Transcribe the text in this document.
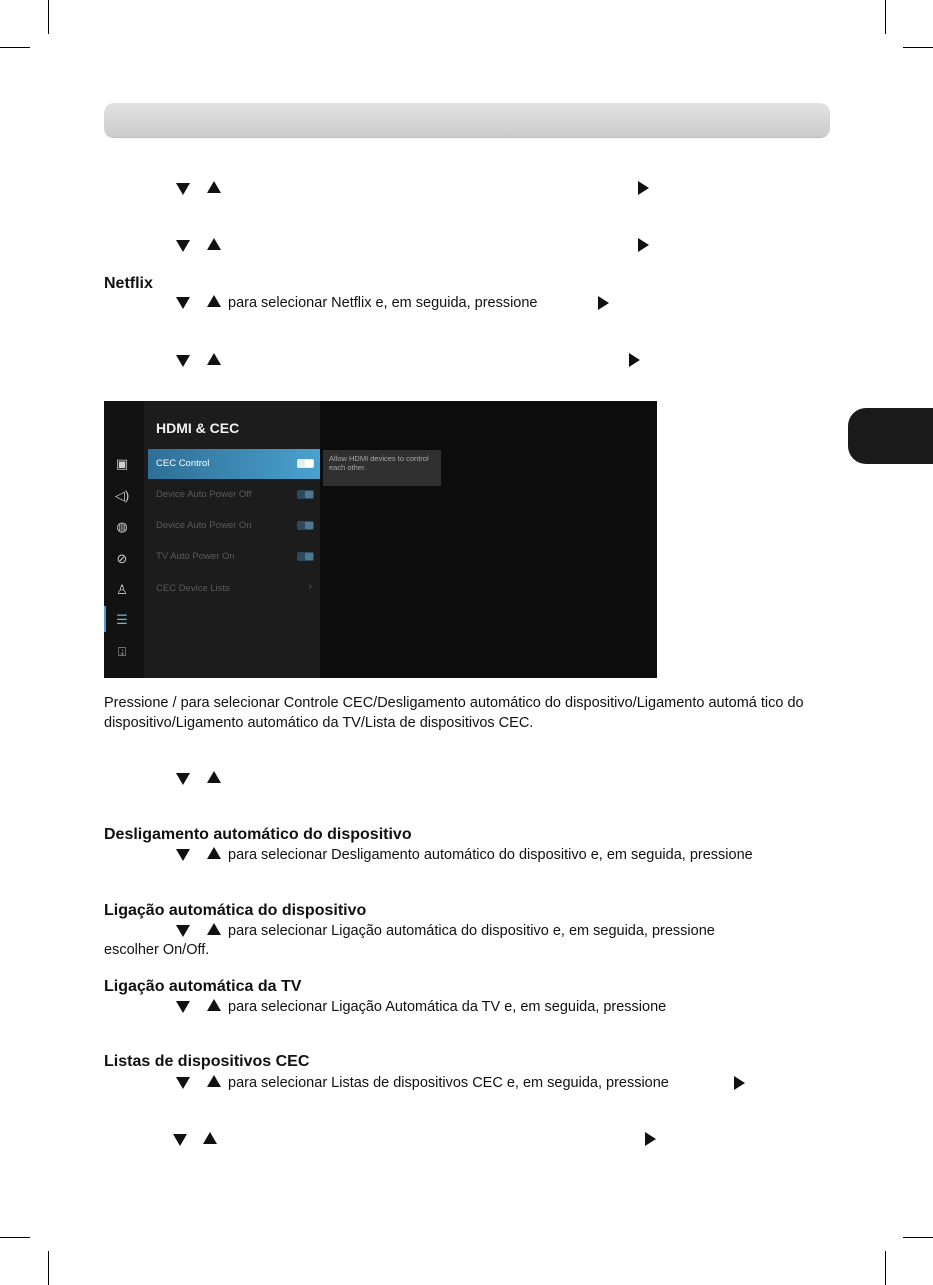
Netflix
para selecionar Netflix e, em seguida, pressione
▣
◁)
◍
⊘
♙
☰
⍗
HDMI & CEC
CEC Control
Device Auto Power Off
Device Auto Power On
TV Auto Power On
CEC Device Lists	›
Allow HDMI devices to control each other.
Pressione / para selecionar Controle CEC/Desligamento automático do dispositivo/Ligamento automá tico do dispositivo/Ligamento automático da TV/Lista de dispositivos CEC.
Desligamento automático do dispositivo
para selecionar Desligamento automático do dispositivo e, em seguida, pressione
Ligação automática do dispositivo
para selecionar Ligação automática do dispositivo e, em seguida, pressione
escolher On/Off.
Ligação automática da TV
para selecionar Ligação Automática da TV e, em seguida, pressione
Listas de dispositivos CEC
para selecionar Listas de dispositivos CEC e, em seguida, pressione
